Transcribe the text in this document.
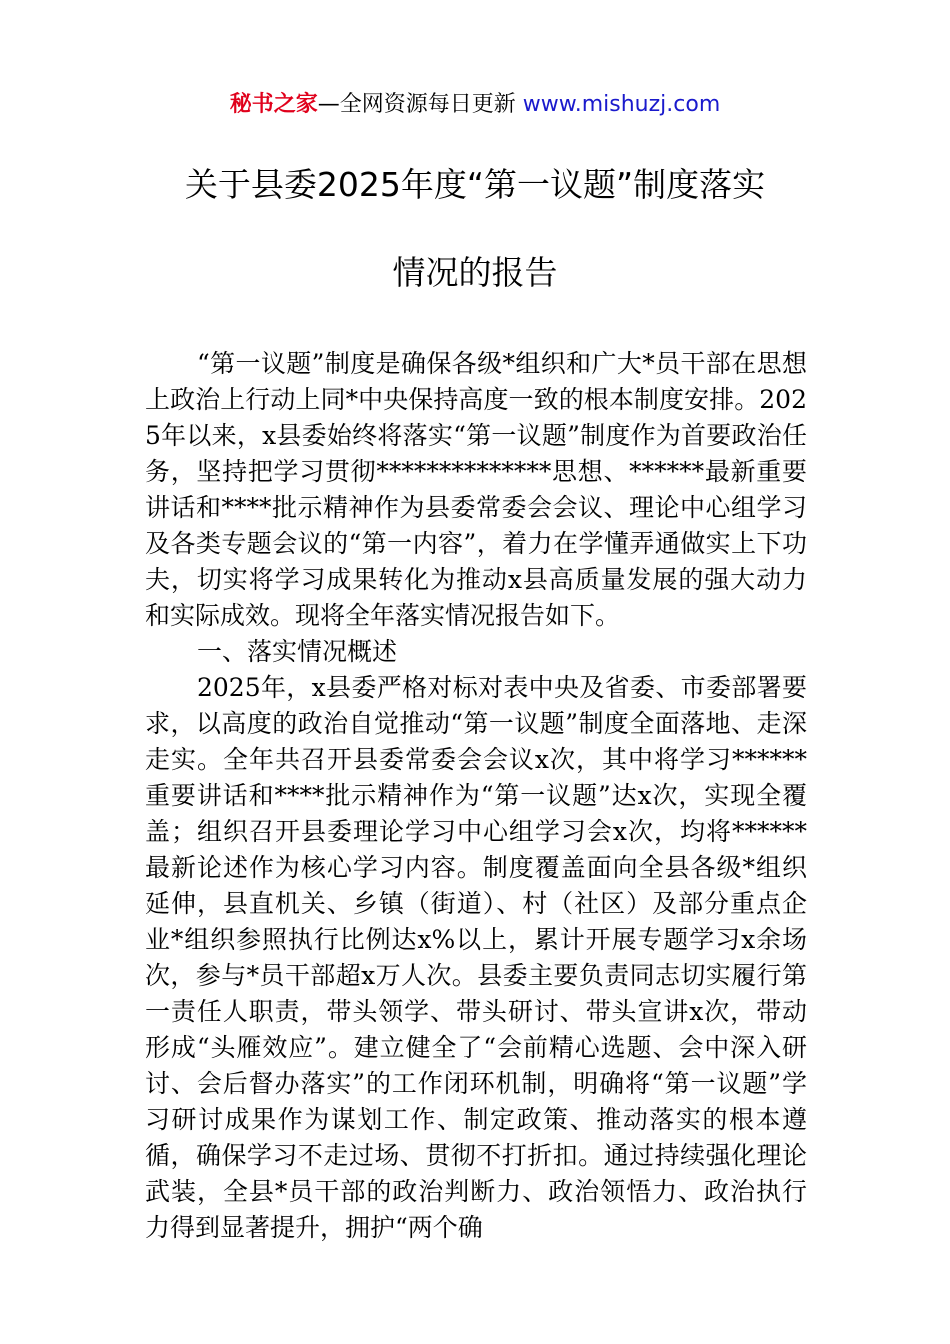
秘书之家—全网资源每日更新 www.mishuzj.com
关于县委2025年度“第一议题”制度落实
情况的报告

“第一议题”制度是确保各级*组织和广大*员干部在思想上政治上行动上同*中央保持高度一致的根本制度安排。2025年以来，x县委始终将落实“第一议题”制度作为首要政治任务，坚持把学习贯彻**************思想、******最新重要讲话和****批示精神作为县委常委会会议、理论中心组学习及各类专题会议的“第一内容”，着力在学懂弄通做实上下功夫，切实将学习成果转化为推动x县高质量发展的强大动力和实际成效。现将全年落实情况报告如下。

一、落实情况概述

2025年，x县委严格对标对表中央及省委、市委部署要求，以高度的政治自觉推动“第一议题”制度全面落地、走深走实。全年共召开县委常委会会议x次，其中将学习******重要讲话和****批示精神作为“第一议题”达x次，实现全覆盖；组织召开县委理论学习中心组学习会x次，均将******最新论述作为核心学习内容。制度覆盖面向全县各级*组织延伸，县直机关、乡镇（街道）、村（社区）及部分重点企业*组织参照执行比例达x%以上，累计开展专题学习x余场次，参与*员干部超x万人次。县委主要负责同志切实履行第一责任人职责，带头领学、带头研讨、带头宣讲x次，带动形成“头雁效应”。建立健全了“会前精心选题、会中深入研讨、会后督办落实”的工作闭环机制，明确将“第一议题”学习研讨成果作为谋划工作、制定政策、推动落实的根本遵循，确保学习不走过场、贯彻不打折扣。通过持续强化理论武装，全县*员干部的政治判断力、政治领悟力、政治执行力得到显著提升，拥护“两个确
